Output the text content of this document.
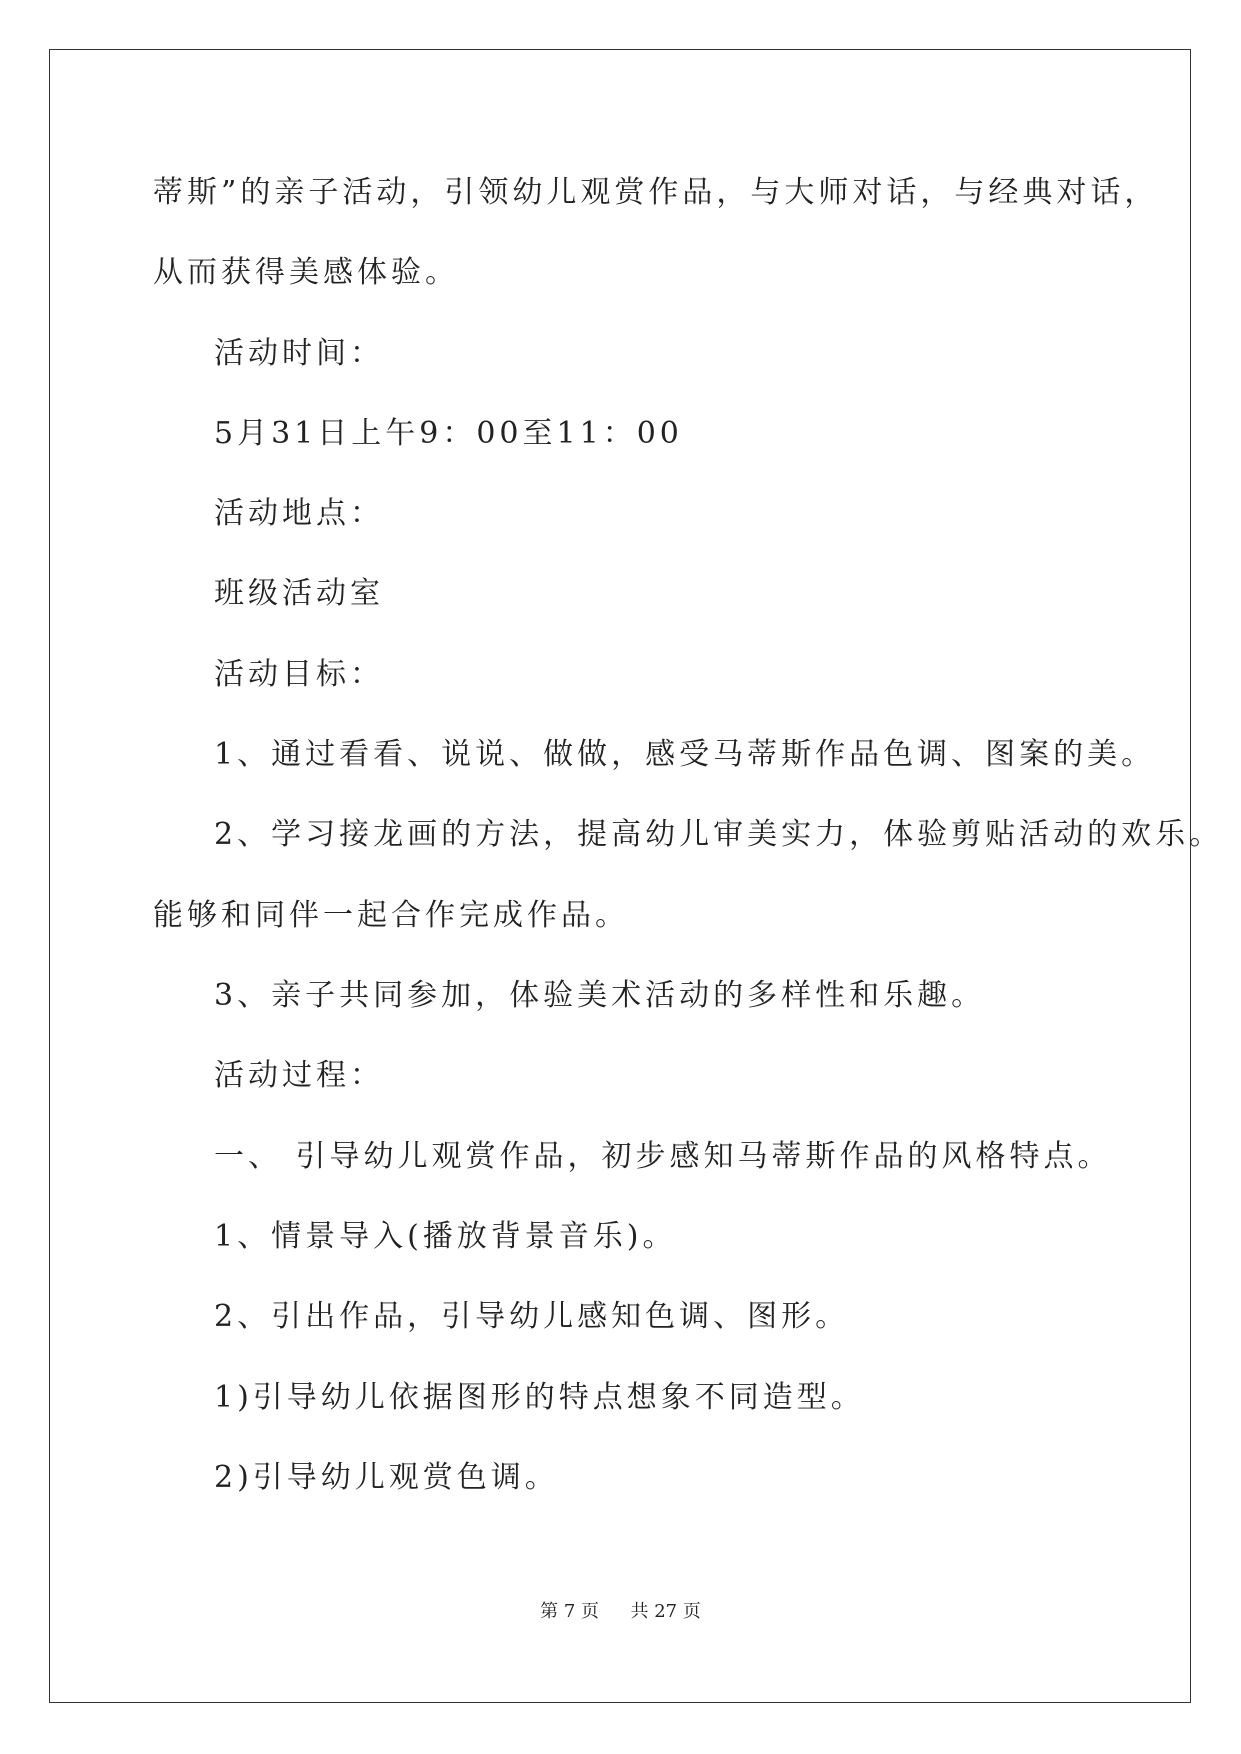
蒂斯”的亲子活动，引领幼儿观赏作品，与大师对话，与经典对话，
从而获得美感体验。
活动时间：
5月31日上午9：00至11：00
活动地点：
班级活动室
活动目标：
1、通过看看、说说、做做，感受马蒂斯作品色调、图案的美。
2、学习接龙画的方法，提高幼儿审美实力，体验剪贴活动的欢乐。
能够和同伴一起合作完成作品。
3、亲子共同参加，体验美术活动的多样性和乐趣。
活动过程：
一、 引导幼儿观赏作品，初步感知马蒂斯作品的风格特点。
1、情景导入(播放背景音乐)。
2、引出作品，引导幼儿感知色调、图形。
1)引导幼儿依据图形的特点想象不同造型。
2)引导幼儿观赏色调。
第 7 页 共 27 页
